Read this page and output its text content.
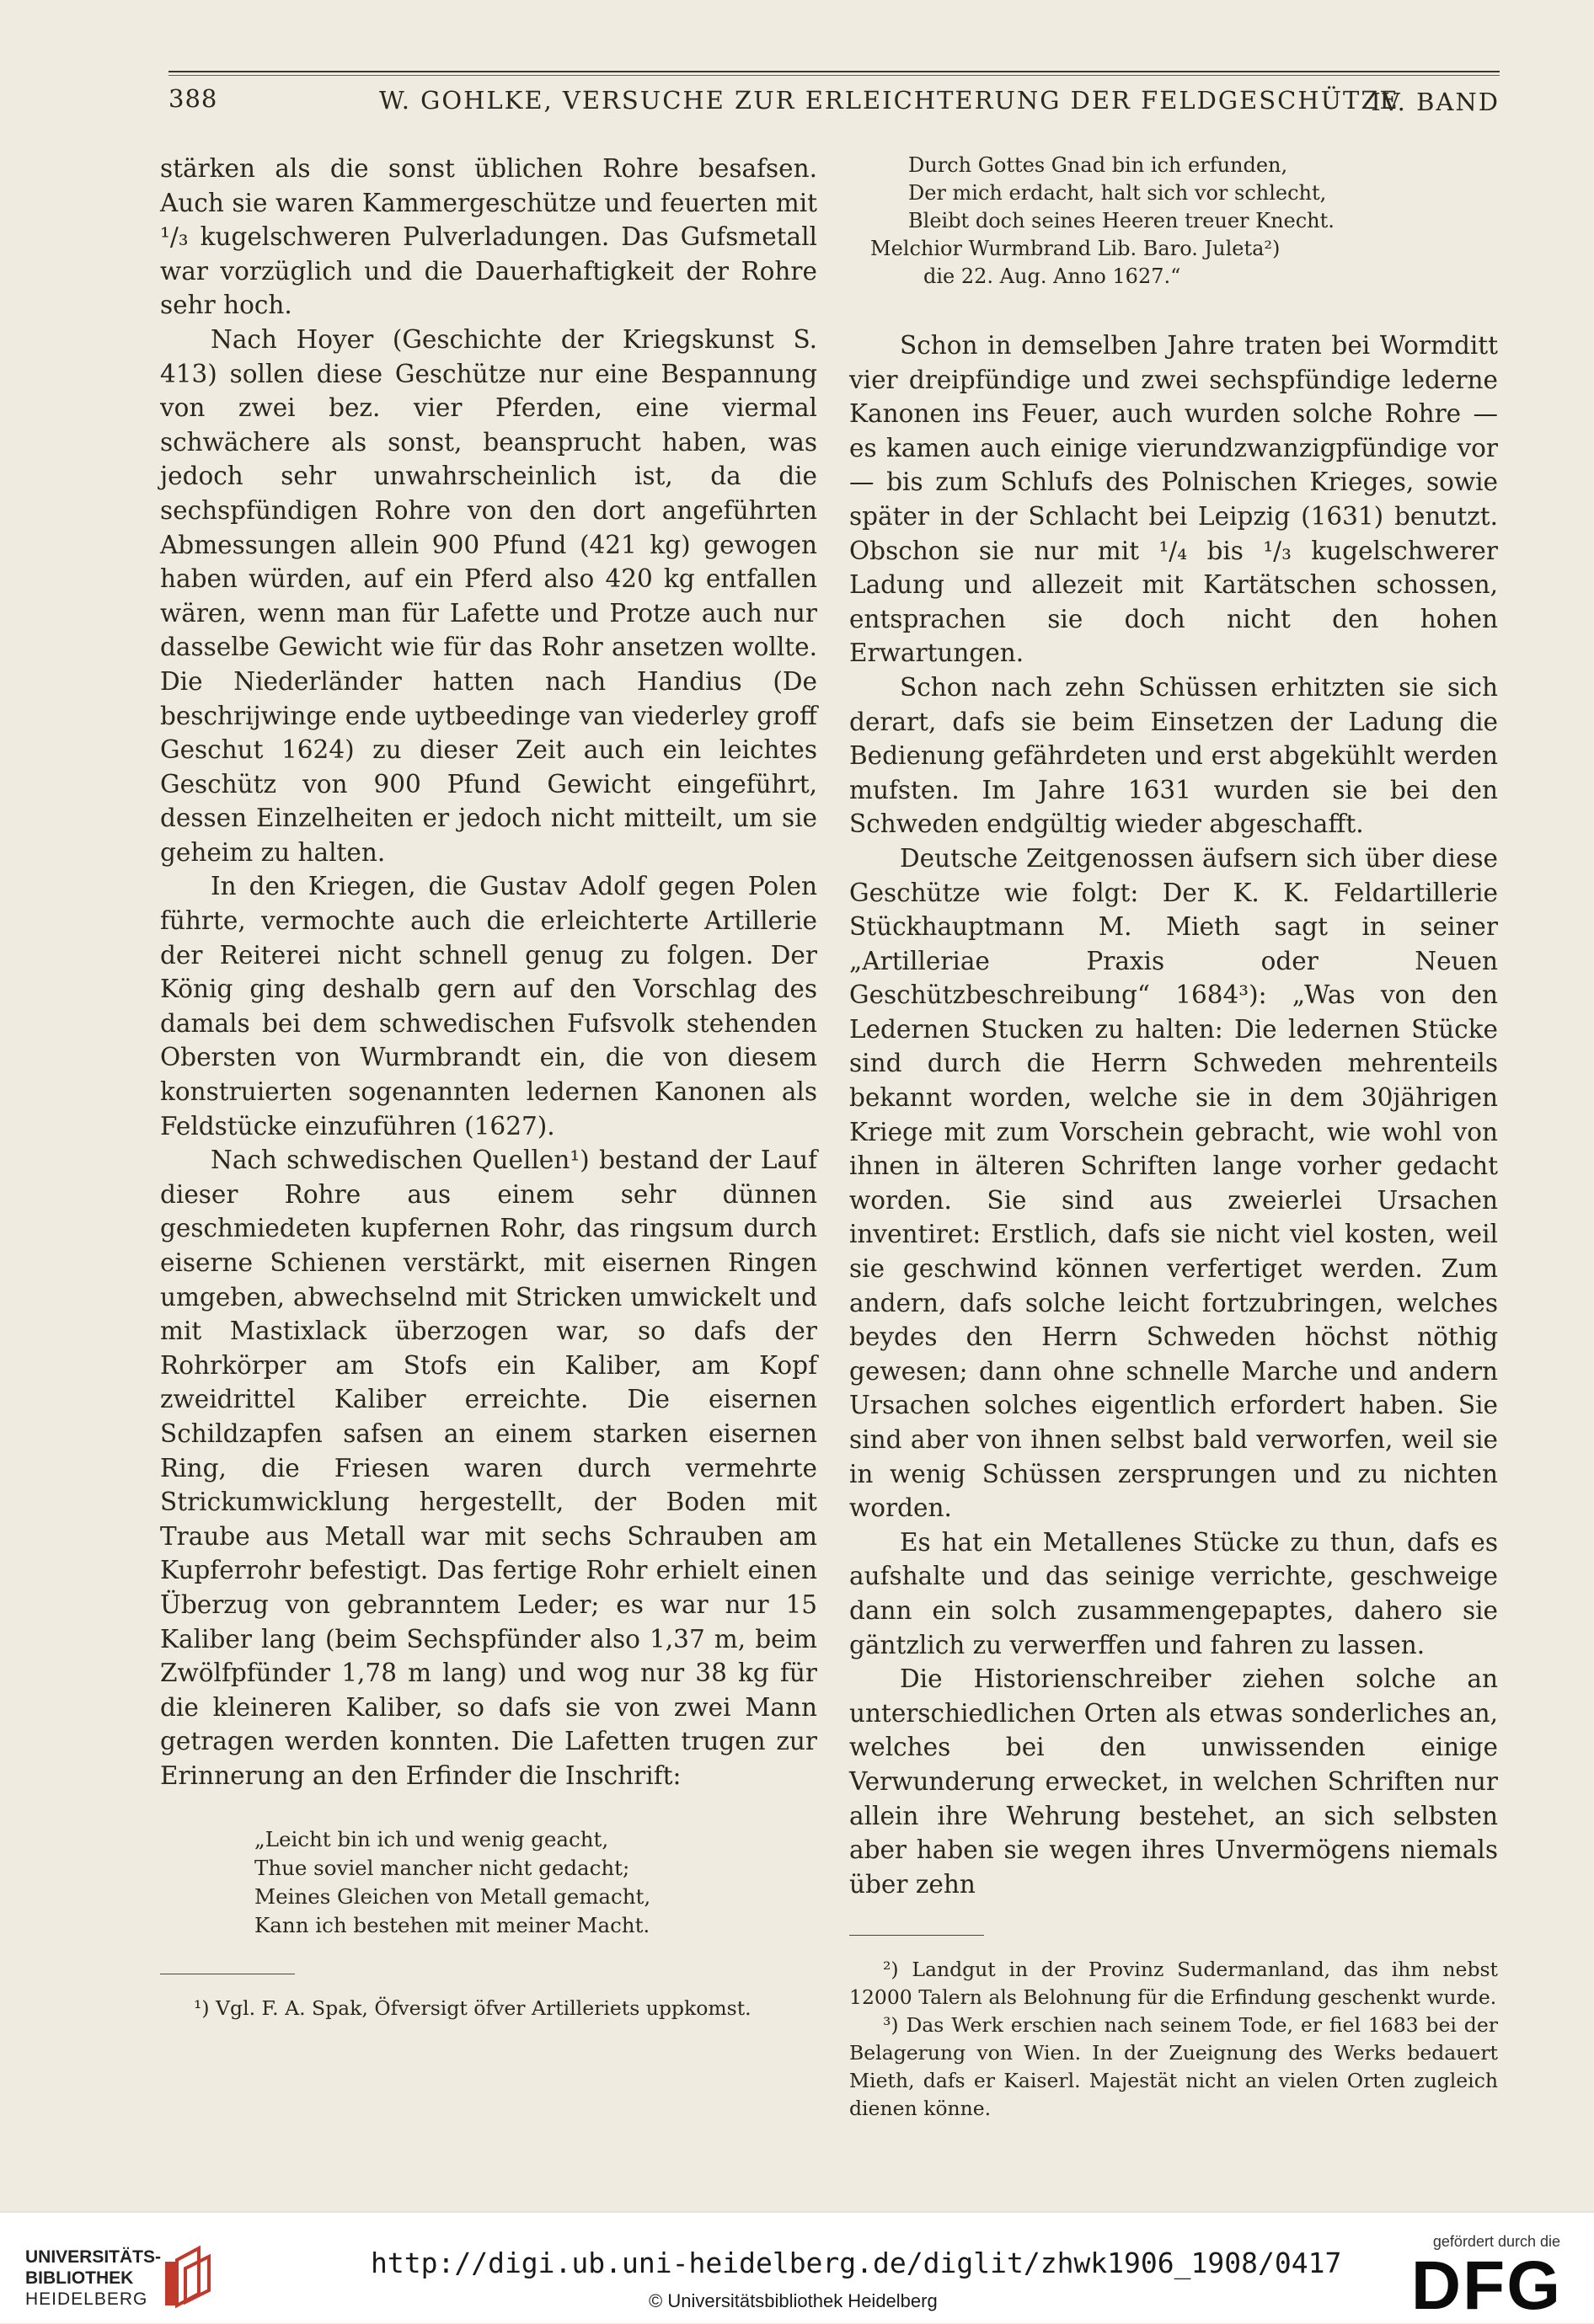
388	W. GOHLKE, VERSUCHE ZUR ERLEICHTERUNG DER FELDGESCHÜTZE
IV. BAND

stärken als die sonst üblichen Rohre besafsen. Auch sie waren Kammergeschütze und feuerten mit ¹/₃ kugelschweren Pulverladungen. Das Gufsmetall war vorzüglich und die Dauerhaftigkeit der Rohre sehr hoch.

Nach Hoyer (Geschichte der Kriegskunst S. 413) sollen diese Geschütze nur eine Bespannung von zwei bez. vier Pferden, eine viermal schwächere als sonst, beansprucht haben, was jedoch sehr unwahrscheinlich ist, da die sechspfündigen Rohre von den dort angeführten Abmessungen allein 900 Pfund (421 kg) gewogen haben würden, auf ein Pferd also 420 kg entfallen wären, wenn man für Lafette und Protze auch nur dasselbe Gewicht wie für das Rohr ansetzen wollte. Die Niederländer hatten nach Handius (De beschrijwinge ende uytbeedinge van viederley groff Geschut 1624) zu dieser Zeit auch ein leichtes Geschütz von 900 Pfund Gewicht eingeführt, dessen Einzelheiten er jedoch nicht mitteilt, um sie geheim zu halten.

In den Kriegen, die Gustav Adolf gegen Polen führte, vermochte auch die erleichterte Artillerie der Reiterei nicht schnell genug zu folgen. Der König ging deshalb gern auf den Vorschlag des damals bei dem schwedischen Fufsvolk stehenden Obersten von Wurmbrandt ein, die von diesem konstruierten sogenannten ledernen Kanonen als Feldstücke einzuführen (1627).

Nach schwedischen Quellen¹) bestand der Lauf dieser Rohre aus einem sehr dünnen geschmiedeten kupfernen Rohr, das ringsum durch eiserne Schienen verstärkt, mit eisernen Ringen umgeben, abwechselnd mit Stricken umwickelt und mit Mastixlack überzogen war, so dafs der Rohrkörper am Stofs ein Kaliber, am Kopf zweidrittel Kaliber erreichte. Die eisernen Schildzapfen safsen an einem starken eisernen Ring, die Friesen waren durch vermehrte Strickumwicklung hergestellt, der Boden mit Traube aus Metall war mit sechs Schrauben am Kupferrohr befestigt. Das fertige Rohr erhielt einen Überzug von gebranntem Leder; es war nur 15 Kaliber lang (beim Sechspfünder also 1,37 m, beim Zwölfpfünder 1,78 m lang) und wog nur 38 kg für die kleineren Kaliber, so dafs sie von zwei Mann getragen werden konnten. Die Lafetten trugen zur Erinnerung an den Erfinder die Inschrift:

„Leicht bin ich und wenig geacht,
Thue soviel mancher nicht gedacht;
Meines Gleichen von Metall gemacht,
Kann ich bestehen mit meiner Macht.

¹) Vgl. F. A. Spak, Öfversigt öfver Artilleriets uppkomst.

Durch Gottes Gnad bin ich erfunden,
Der mich erdacht, halt sich vor schlecht,
Bleibt doch seines Heeren treuer Knecht.
Melchior Wurmbrand Lib. Baro. Juleta²)
die 22. Aug. Anno 1627.“

Schon in demselben Jahre traten bei Wormditt vier dreipfündige und zwei sechspfündige lederne Kanonen ins Feuer, auch wurden solche Rohre — es kamen auch einige vierundzwanzigpfündige vor — bis zum Schlufs des Polnischen Krieges, sowie später in der Schlacht bei Leipzig (1631) benutzt. Obschon sie nur mit ¹/₄ bis ¹/₃ kugelschwerer Ladung und allezeit mit Kartätschen schossen, entsprachen sie doch nicht den hohen Erwartungen.

Schon nach zehn Schüssen erhitzten sie sich derart, dafs sie beim Einsetzen der Ladung die Bedienung gefährdeten und erst abgekühlt werden mufsten. Im Jahre 1631 wurden sie bei den Schweden endgültig wieder abgeschafft.

Deutsche Zeitgenossen äufsern sich über diese Geschütze wie folgt: Der K. K. Feldartillerie Stückhauptmann M. Mieth sagt in seiner „Artilleriae Praxis oder Neuen Geschützbeschreibung“ 1684³): „Was von den Ledernen Stucken zu halten: Die ledernen Stücke sind durch die Herrn Schweden mehrenteils bekannt worden, welche sie in dem 30jährigen Kriege mit zum Vorschein gebracht, wie wohl von ihnen in älteren Schriften lange vorher gedacht worden. Sie sind aus zweierlei Ursachen inventiret: Erstlich, dafs sie nicht viel kosten, weil sie geschwind können verfertiget werden. Zum andern, dafs solche leicht fortzubringen, welches beydes den Herrn Schweden höchst nöthig gewesen; dann ohne schnelle Marche und andern Ursachen solches eigentlich erfordert haben. Sie sind aber von ihnen selbst bald verworfen, weil sie in wenig Schüssen zersprungen und zu nichten worden.

Es hat ein Metallenes Stücke zu thun, dafs es aufshalte und das seinige verrichte, geschweige dann ein solch zusammengepaptes, dahero sie gäntzlich zu verwerffen und fahren zu lassen.

Die Historienschreiber ziehen solche an unterschiedlichen Orten als etwas sonderliches an, welches bei den unwissenden einige Verwunderung erwecket, in welchen Schriften nur allein ihre Wehrung bestehet, an sich selbsten aber haben sie wegen ihres Unvermögens niemals über zehn

²) Landgut in der Provinz Sudermanland, das ihm nebst 12000 Talern als Belohnung für die Erfindung geschenkt wurde.

³) Das Werk erschien nach seinem Tode, er fiel 1683 bei der Belagerung von Wien. In der Zueignung des Werks bedauert Mieth, dafs er Kaiserl. Majestät nicht an vielen Orten zugleich dienen könne.

UNIVERSITÄTS-
BIBLIOTHEK
HEIDELBERG
http://digi.ub.uni-heidelberg.de/diglit/zhwk1906_1908/0417
© Universitätsbibliothek Heidelberg
gefördert durch die
DFG
